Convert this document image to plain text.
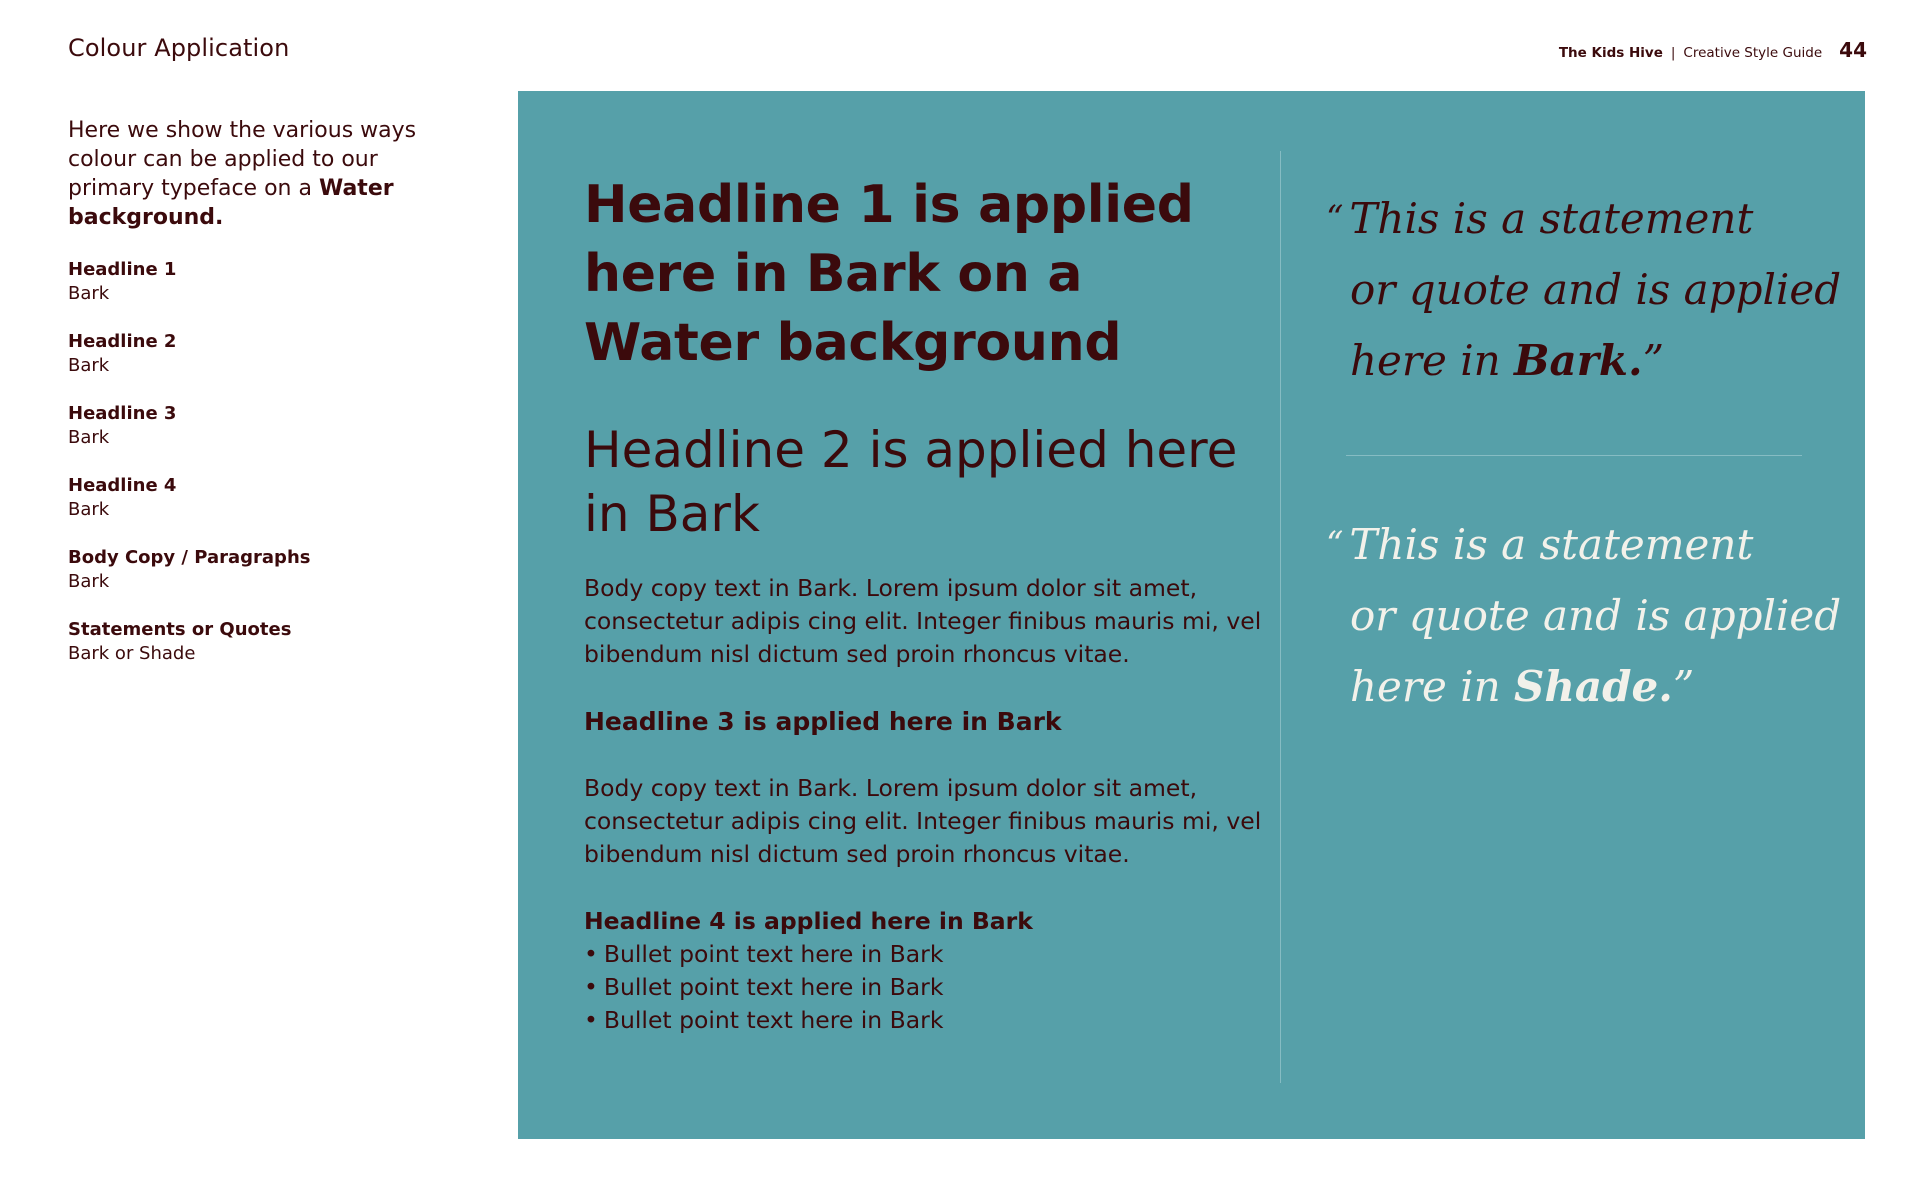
Colour Application	The Kids Hive | Creative Style Guide 44

Here we show the various ways colour can be applied to our primary typeface on a Water background.

Headline 1
Bark
Headline 2
Bark
Headline 3
Bark
Headline 4
Bark
Body Copy / Paragraphs
Bark
Statements or Quotes
Bark or Shade
Headline 1 is applied here in Bark on a Water background
Headline 2 is applied here in Bark

Body copy text in Bark. Lorem ipsum dolor sit amet, consectetur adipis cing elit. Integer finibus mauris mi, vel bibendum nisl dictum sed proin rhoncus vitae.

Headline 3 is applied here in Bark

Body copy text in Bark. Lorem ipsum dolor sit amet, consectetur adipis cing elit. Integer finibus mauris mi, vel bibendum nisl dictum sed proin rhoncus vitae.

Headline 4 is applied here in Bark
• Bullet point text here in Bark
• Bullet point text here in Bark
• Bullet point text here in Bark
“ This is a statement
or quote and is applied
here in Bark.”
“ This is a statement
or quote and is applied
here in Shade.”
